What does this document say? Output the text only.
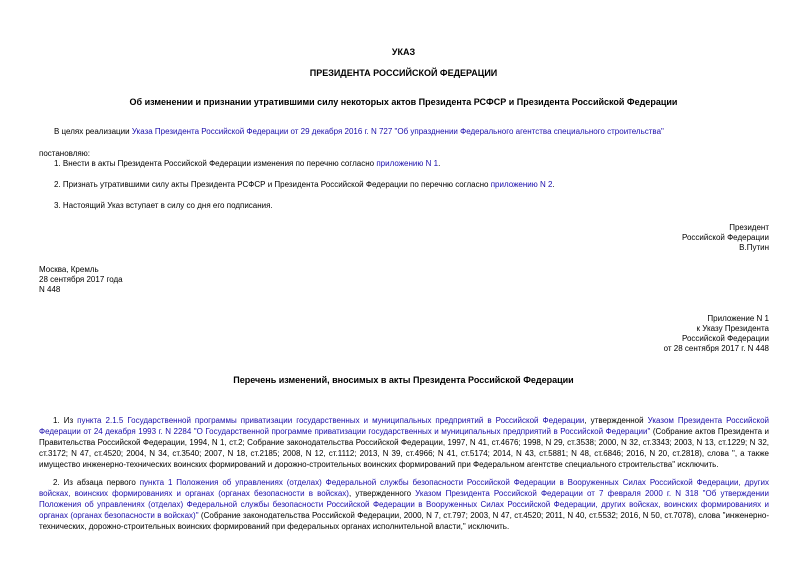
УКАЗ
ПРЕЗИДЕНТА РОССИЙСКОЙ ФЕДЕРАЦИИ
Об изменении и признании утратившими силу некоторых актов Президента РСФСР и Президента Российской Федерации
В целях реализации Указа Президента Российской Федерации от 29 декабря 2016 г. N 727 "Об упразднении Федерального агентства специального строительства"
постановляю:
1. Внести в акты Президента Российской Федерации изменения по перечню согласно приложению N 1.
2. Признать утратившими силу акты Президента РСФСР и Президента Российской Федерации по перечню согласно приложению N 2.
3. Настоящий Указ вступает в силу со дня его подписания.
Президент
Российской Федерации
В.Путин
Москва, Кремль
28 сентября 2017 года
N 448
Приложение N 1
к Указу Президента
Российской Федерации
от 28 сентября 2017 г. N 448
Перечень изменений, вносимых в акты Президента Российской Федерации
1. Из пункта 2.1.5 Государственной программы приватизации государственных и муниципальных предприятий в Российской Федерации, утвержденной Указом Президента Российской Федерации от 24 декабря 1993 г. N 2284 "О Государственной программе приватизации государственных и муниципальных предприятий в Российской Федерации" (Собрание актов Президента и Правительства Российской Федерации, 1994, N 1, ст.2; Собрание законодательства Российской Федерации, 1997, N 41, ст.4676; 1998, N 29, ст.3538; 2000, N 32, ст.3343; 2003, N 13, ст.1229; N 32, ст.3172; N 47, ст.4520; 2004, N 34, ст.3540; 2007, N 18, ст.2185; 2008, N 12, ст.1112; 2013, N 39, ст.4966; N 41, ст.5174; 2014, N 43, ст.5881; N 48, ст.6846; 2016, N 20, ст.2818), слова ", а также имущество инженерно-технических воинских формирований и дорожно-строительных воинских формирований при Федеральном агентстве специального строительства" исключить.
2. Из абзаца первого пункта 1 Положения об управлениях (отделах) Федеральной службы безопасности Российской Федерации в Вооруженных Силах Российской Федерации, других войсках, воинских формированиях и органах (органах безопасности в войсках), утвержденного Указом Президента Российской Федерации от 7 февраля 2000 г. N 318 "Об утверждении Положения об управлениях (отделах) Федеральной службы безопасности Российской Федерации в Вооруженных Силах Российской Федерации, других войсках, воинских формированиях и органах (органах безопасности в войсках)" (Собрание законодательства Российской Федерации, 2000, N 7, ст.797; 2003, N 47, ст.4520; 2011, N 40, ст.5532; 2016, N 50, ст.7078), слова "инженерно-технических, дорожно-строительных воинских формирований при федеральных органах исполнительной власти," исключить.
